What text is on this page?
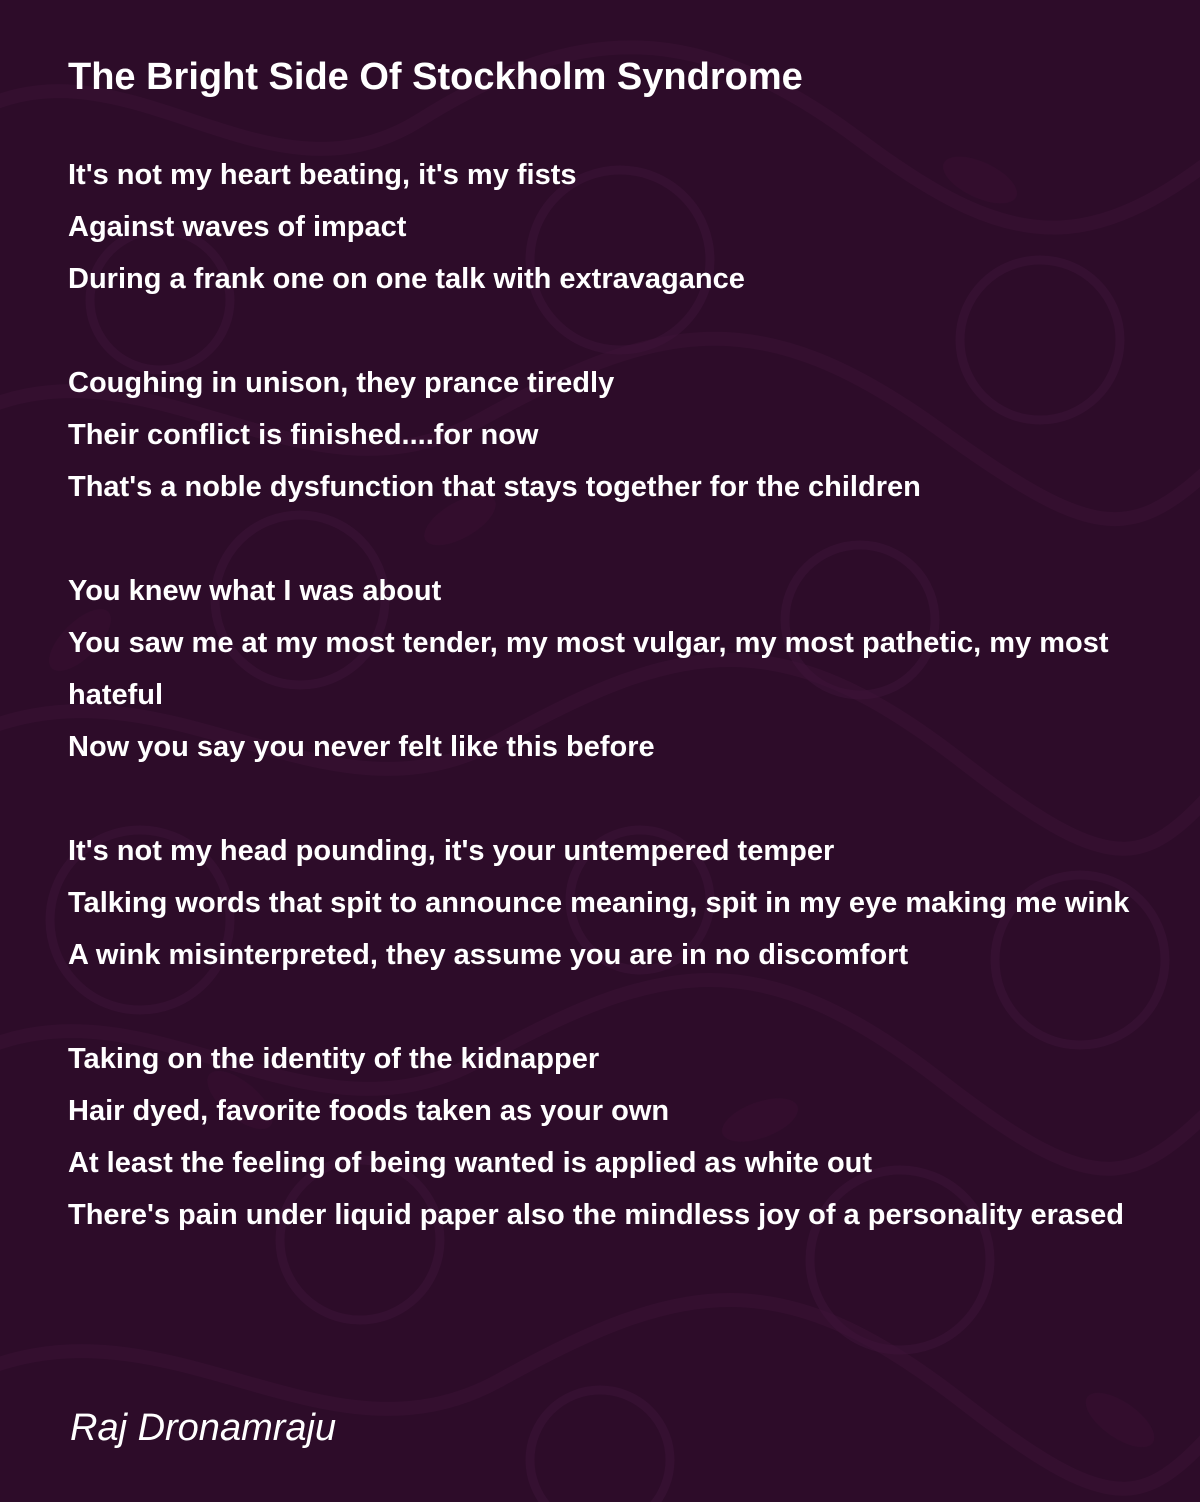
The Bright Side Of Stockholm Syndrome
It's not my heart beating, it's my fists
Against waves of impact
During a frank one on one talk with extravagance
Coughing in unison, they prance tiredly
Their conflict is finished....for now
That's a noble dysfunction that stays together for the children
You knew what I was about
You saw me at my most tender, my most vulgar, my most pathetic, my most hateful
Now you say you never felt like this before
It's not my head pounding, it's your untempered temper
Talking words that spit to announce meaning, spit in my eye making me wink
A wink misinterpreted, they assume you are in no discomfort
Taking on the identity of the kidnapper
Hair dyed, favorite foods taken as your own
At least the feeling of being wanted is applied as white out
There's pain under liquid paper also the mindless joy of a personality erased
Raj Dronamraju
